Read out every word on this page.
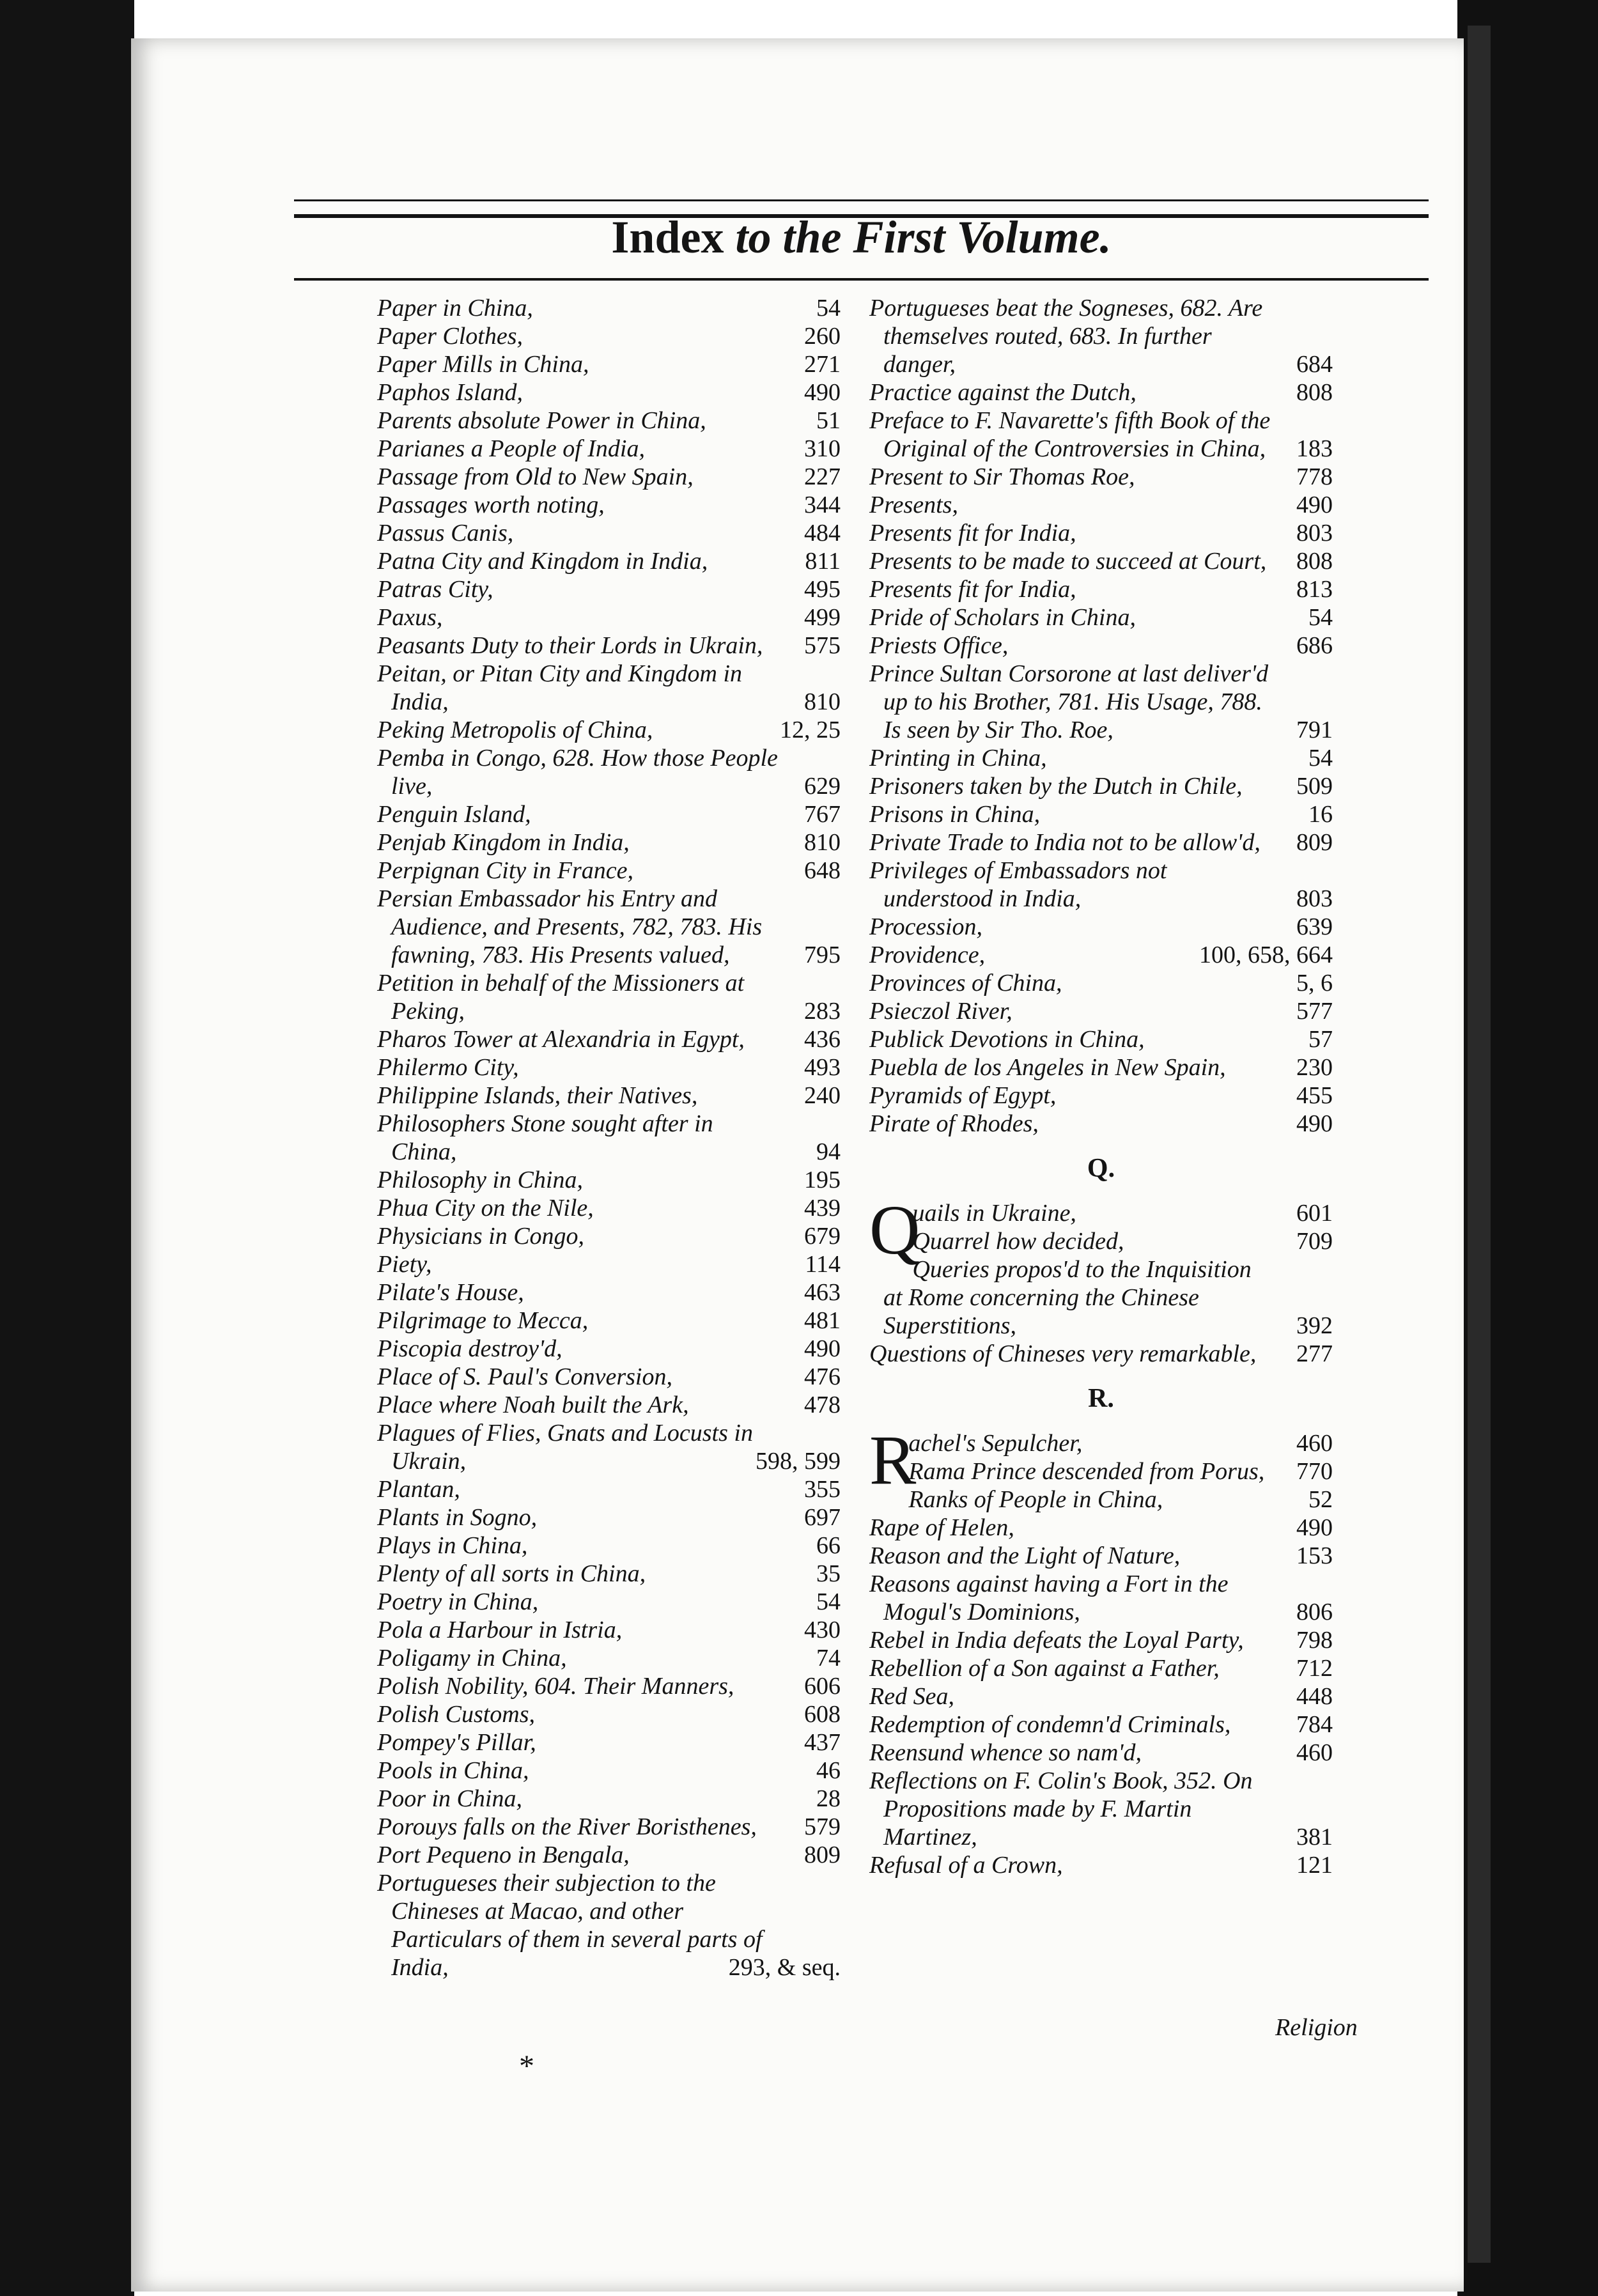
Index to the First Volume.
Paper in China,	54
Paper Clothes,	260
Paper Mills in China,	271
Paphos Island,	490
Parents absolute Power in China,	51
Parianes a People of India,	310
Passage from Old to New Spain,	227
Passages worth noting,	344
Passus Canis,	484
Patna City and Kingdom in India,	811
Patras City,	495
Paxus,	499
Peasants Duty to their Lords in Ukrain,	575
Peitan, or Pitan City and Kingdom in India,	810
Peking Metropolis of China,	12, 25
Pemba in Congo, 628. How those People live,	629
Penguin Island,	767
Penjab Kingdom in India,	810
Perpignan City in France,	648
Persian Embassador his Entry and Audience, and Presents, 782, 783. His fawning, 783. His Presents valued,	795
Petition in behalf of the Missioners at Peking,	283
Pharos Tower at Alexandria in Egypt,	436
Philermo City,	493
Philippine Islands, their Natives,	240
Philosophers Stone sought after in China,	94
Philosophy in China,	195
Phua City on the Nile,	439
Physicians in Congo,	679
Piety,	114
Pilate's House,	463
Pilgrimage to Mecca,	481
Piscopia destroy'd,	490
Place of S. Paul's Conversion,	476
Place where Noah built the Ark,	478
Plagues of Flies, Gnats and Locusts in Ukrain,	598, 599
Plantan,	355
Plants in Sogno,	697
Plays in China,	66
Plenty of all sorts in China,	35
Poetry in China,	54
Pola a Harbour in Istria,	430
Poligamy in China,	74
Polish Nobility, 604. Their Manners,	606
Polish Customs,	608
Pompey's Pillar,	437
Pools in China,	46
Poor in China,	28
Porouys falls on the River Boristhenes,	579
Port Pequeno in Bengala,	809
Portugueses their subjection to the Chineses at Macao, and other Particulars of them in several parts of India,	293, & seq.
Portugueses beat the Sogneses, 682. Are themselves routed, 683. In further danger,	684
Practice against the Dutch,	808
Preface to F. Navarette's fifth Book of the Original of the Controversies in China,	183
Present to Sir Thomas Roe,	778
Presents,	490
Presents fit for India,	803
Presents to be made to succeed at Court,	808
Presents fit for India,	813
Pride of Scholars in China,	54
Priests Office,	686
Prince Sultan Corsorone at last deliver'd up to his Brother, 781. His Usage, 788. Is seen by Sir Tho. Roe,	791
Printing in China,	54
Prisoners taken by the Dutch in Chile,	509
Prisons in China,	16
Private Trade to India not to be allow'd,	809
Privileges of Embassadors not understood in India,	803
Procession,	639
Providence,	100, 658, 664
Provinces of China,	5, 6
Psieczol River,	577
Publick Devotions in China,	57
Puebla de los Angeles in New Spain,	230
Pyramids of Egypt,	455
Pirate of Rhodes,	490
Q.
Q
uails in Ukraine,	601
Quarrel how decided,	709
Queries propos'd to the Inquisition at Rome concerning the Chinese Superstitions,	392
Questions of Chineses very remarkable,	277
R.
R
achel's Sepulcher,	460
Rama Prince descended from Porus,	770
Ranks of People in China,	52
Rape of Helen,	490
Reason and the Light of Nature,	153
Reasons against having a Fort in the Mogul's Dominions,	806
Rebel in India defeats the Loyal Party,	798
Rebellion of a Son against a Father,	712
Red Sea,	448
Redemption of condemn'd Criminals,	784
Reensund whence so nam'd,	460
Reflections on F. Colin's Book, 352. On Propositions made by F. Martin Martinez,	381
Refusal of a Crown,	121
*
Religion
